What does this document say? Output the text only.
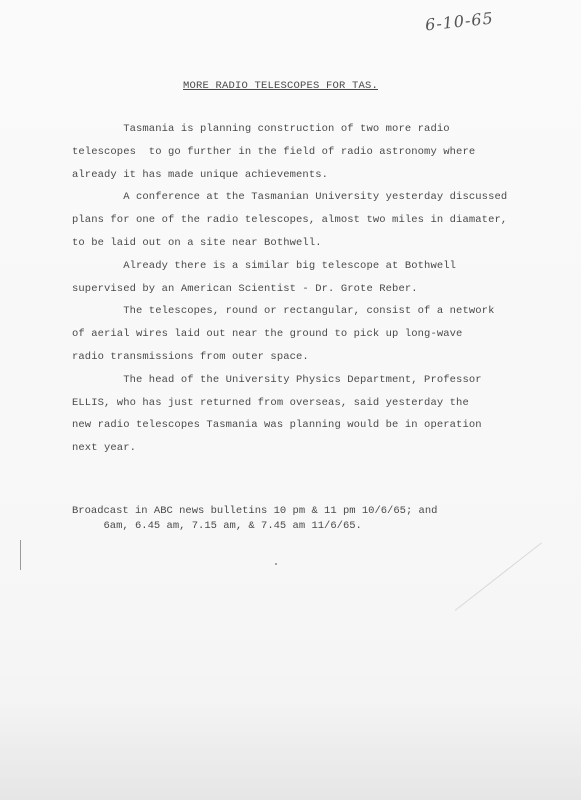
6-10-65
MORE RADIO TELESCOPES FOR TAS.

Tasmania is planning construction of two more radio
telescopes  to go further in the field of radio astronomy where
already it has made unique achievements.

A conference at the Tasmanian University yesterday discussed
plans for one of the radio telescopes, almost two miles in diamater,
to be laid out on a site near Bothwell.

Already there is a similar big telescope at Bothwell
supervised by an American Scientist - Dr. Grote Reber.

The telescopes, round or rectangular, consist of a network
of aerial wires laid out near the ground to pick up long-wave
radio transmissions from outer space.

The head of the University Physics Department, Professor
ELLIS, who has just returned from overseas, said yesterday the
new radio telescopes Tasmania was planning would be in operation
next year.

Broadcast in ABC news bulletins 10 pm & 11 pm 10/6/65; and
6am, 6.45 am, 7.15 am, & 7.45 am 11/6/65.
